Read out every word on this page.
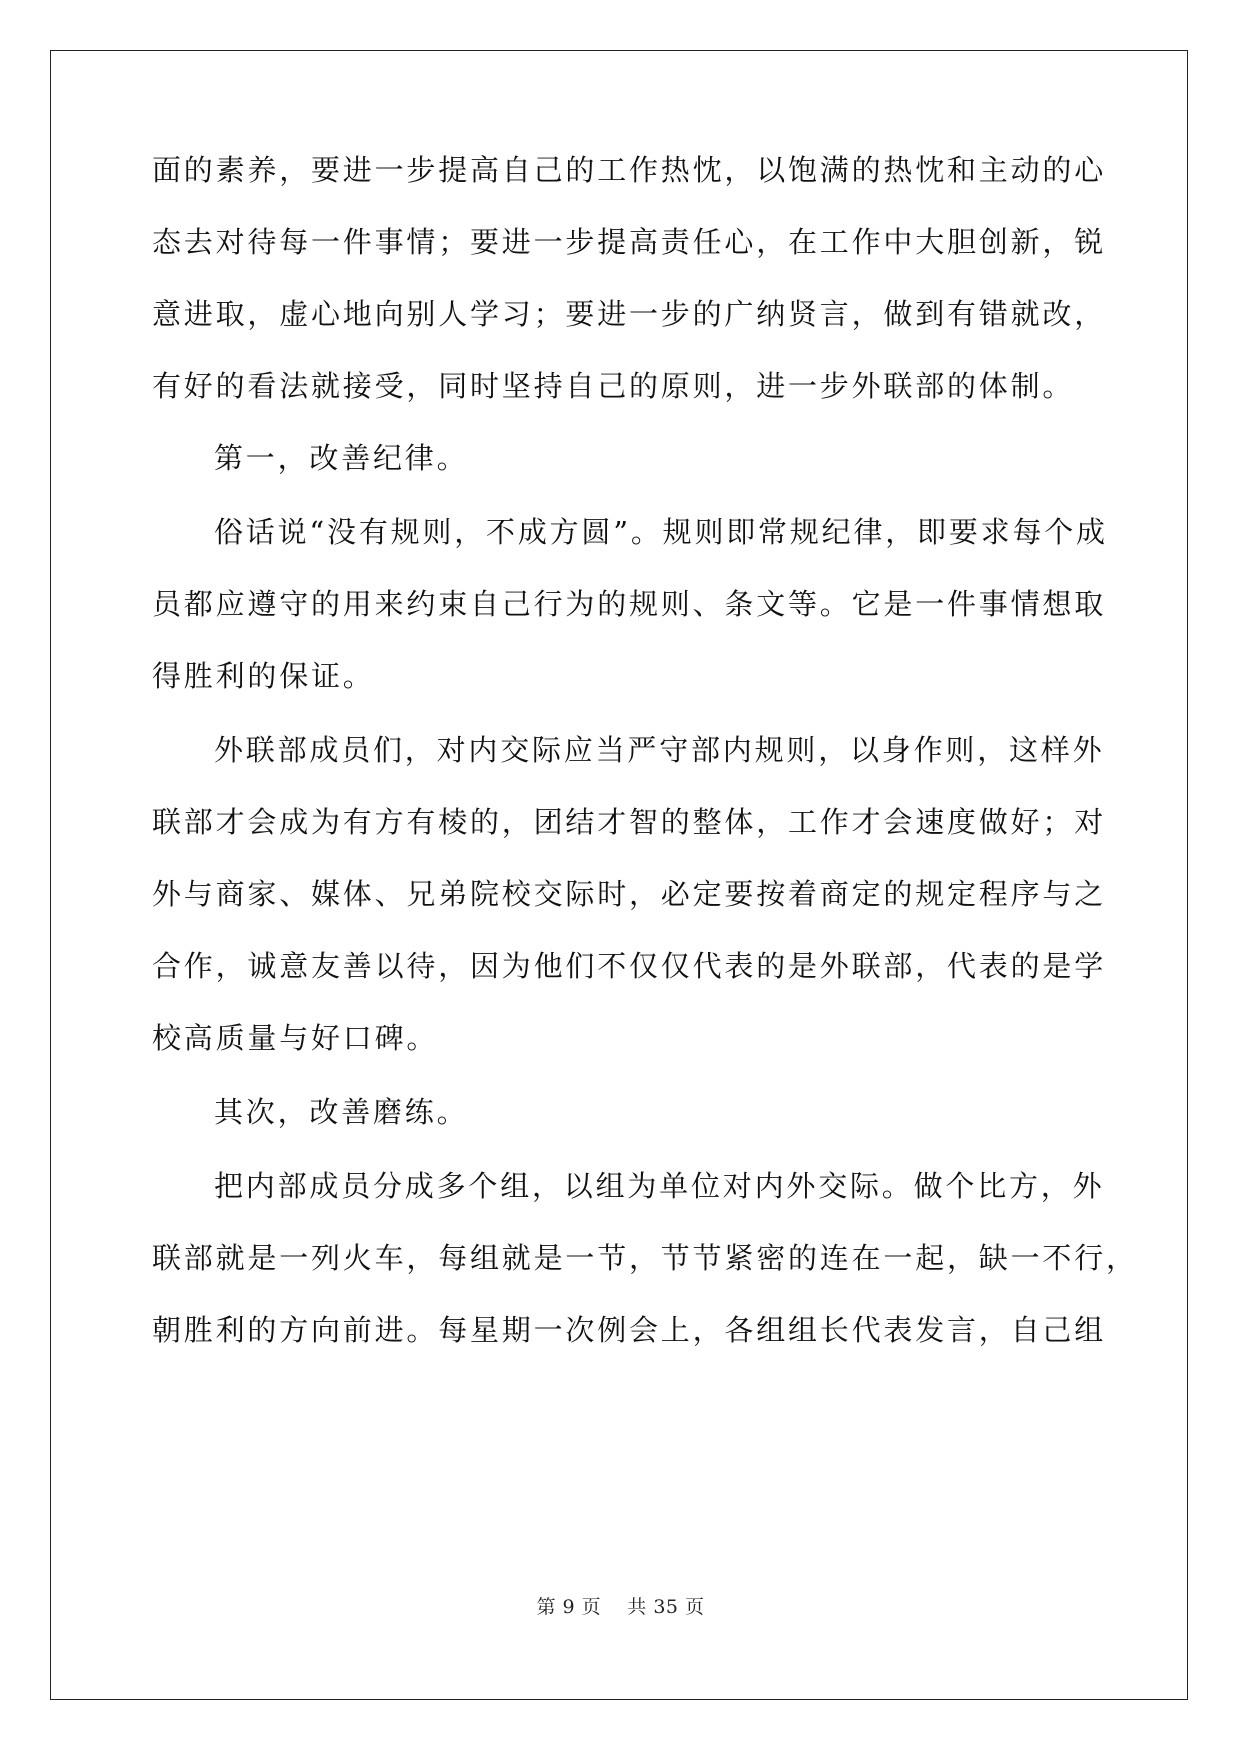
面的素养，要进一步提高自己的工作热忱，以饱满的热忱和主动的心
态去对待每一件事情；要进一步提高责任心，在工作中大胆创新，锐
意进取，虚心地向别人学习；要进一步的广纳贤言，做到有错就改，
有好的看法就接受，同时坚持自己的原则，进一步外联部的体制。
第一，改善纪律。
俗话说“没有规则，不成方圆”。规则即常规纪律，即要求每个成
员都应遵守的用来约束自己行为的规则、条文等。它是一件事情想取
得胜利的保证。
外联部成员们，对内交际应当严守部内规则，以身作则，这样外
联部才会成为有方有棱的，团结才智的整体，工作才会速度做好；对
外与商家、媒体、兄弟院校交际时，必定要按着商定的规定程序与之
合作，诚意友善以待，因为他们不仅仅代表的是外联部，代表的是学
校高质量与好口碑。
其次，改善磨练。
把内部成员分成多个组，以组为单位对内外交际。做个比方，外
联部就是一列火车，每组就是一节，节节紧密的连在一起，缺一不行，
朝胜利的方向前进。每星期一次例会上，各组组长代表发言，自己组
第 9 页 共 35 页
